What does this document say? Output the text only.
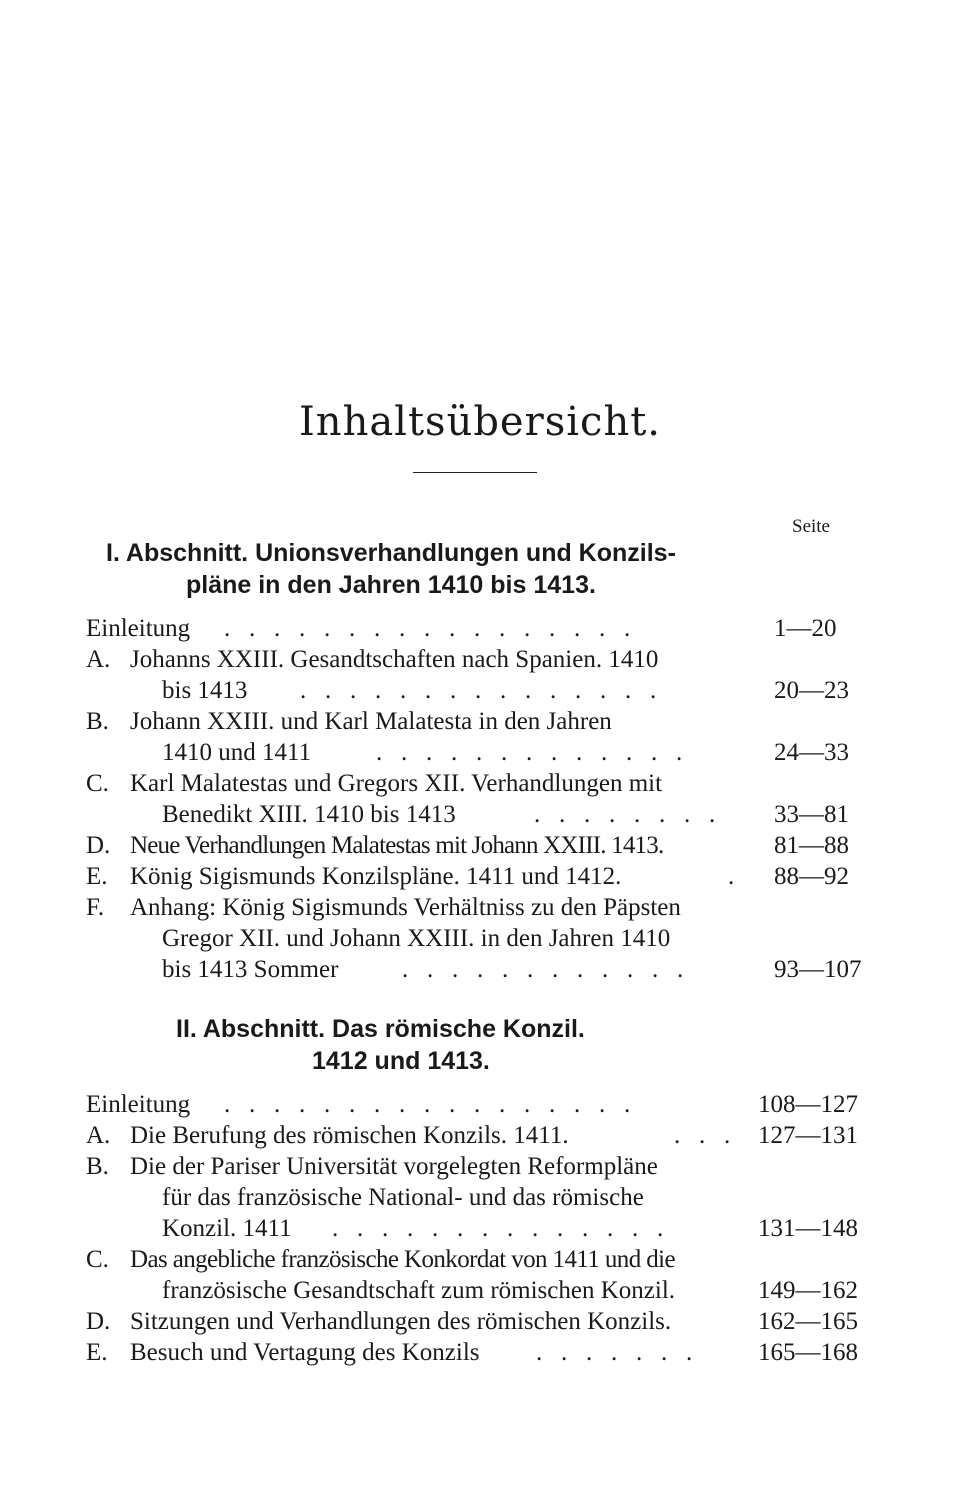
Inhaltsübersicht.
Seite
I. Abschnitt. Unionsverhandlungen und Konzils-
pläne in den Jahren 1410 bis 1413.
Einleitung .   .   .   .   .   .   .   .   .   .   .   .   .   .   .   .   .	1—20
A. Johanns XXIII. Gesandtschaften nach Spanien. 1410
bis 1413 .   .   .   .   .   .   .   .   .   .   .   .   .   .   .	20—23
B. Johann XXIII. und Karl Malatesta in den Jahren
1410 und 1411	.   .   .   .   .   .   .   .   .   .   .   .   .	24—33
C. Karl Malatestas und Gregors XII. Verhandlungen mit
Benedikt XIII. 1410 bis 1413	.   .   .   .   .   .   .   . 33—81
D. Neue Verhandlungen Malatestas mit Johann XXIII. 1413.	81—88
E. König Sigismunds Konzilspläne. 1411 und 1412.	. 88—92
F. Anhang: König Sigismunds Verhältniss zu den Päpsten
Gregor XII. und Johann XXIII. in den Jahren 1410
bis 1413 Sommer	.   .   .   .   .   .   .   .   .   .   .   .	93—107
II. Abschnitt. Das römische Konzil.
1412 und 1413.
Einleitung .   .   .   .   .   .   .   .   .   .   .   .   .   .   .   .   .	108—127
A. Die Berufung des römischen Konzils. 1411.	.   .   . 127—131
B. Die der Pariser Universität vorgelegten Reformpläne
für das französische National- und das römische
Konzil. 1411 .   .   .   .   .   .   .   .   .   .   .   .   .   .	131—148
C. Das angebliche französische Konkordat von 1411 und die
französische Gesandtschaft zum römischen Konzil.	149—162
D. Sitzungen und Verhandlungen des römischen Konzils.	162—165
E. Besuch und Vertagung des Konzils .   .   .   .   .   .   .	165—168
